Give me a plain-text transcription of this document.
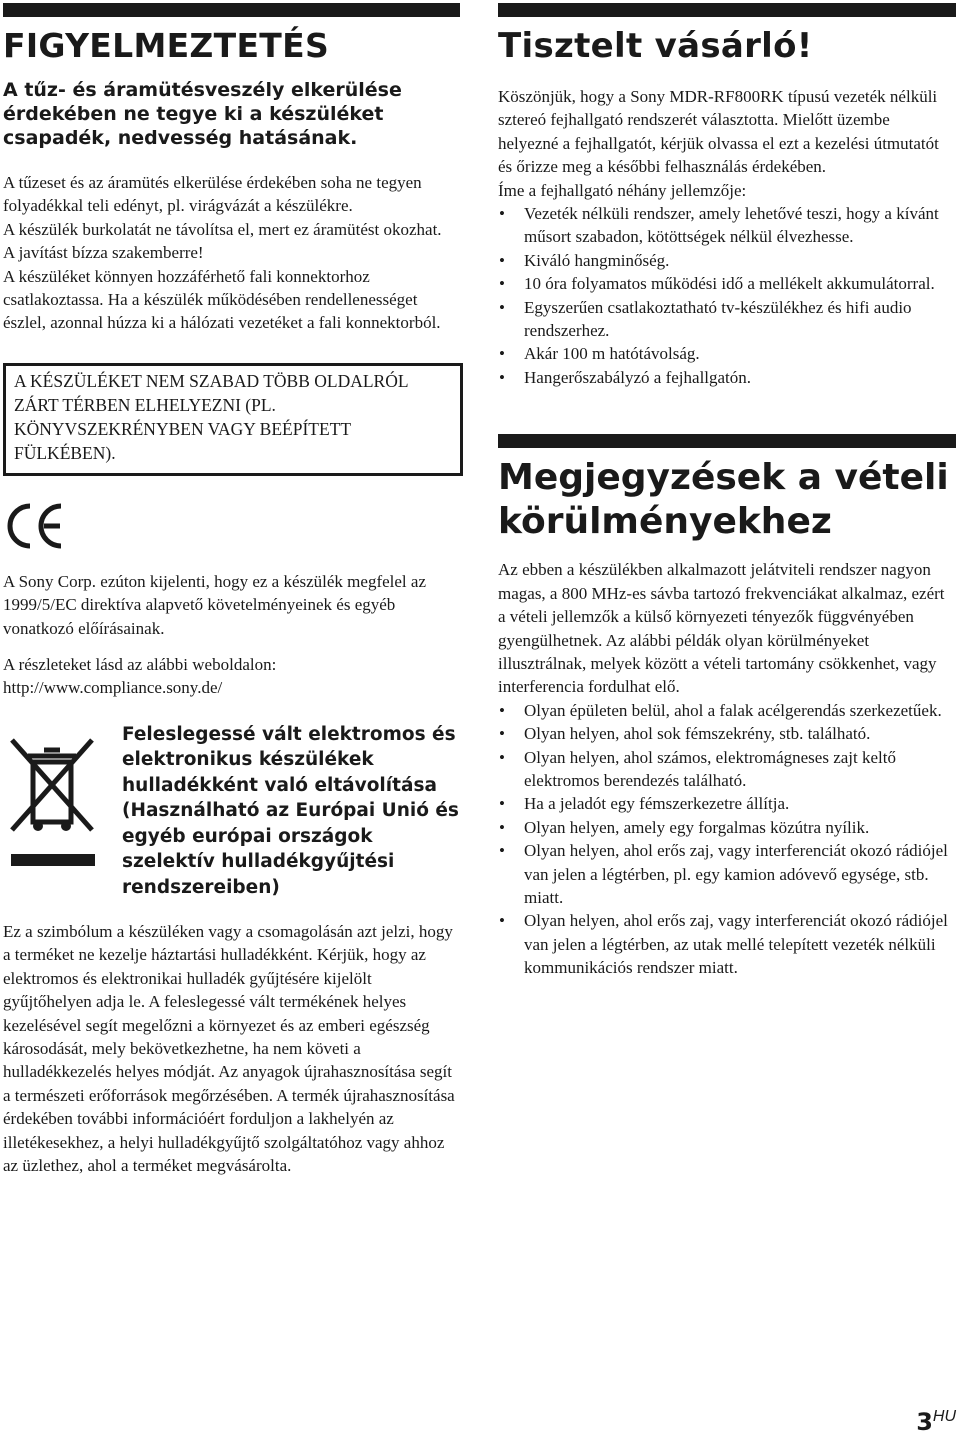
FIGYELMEZTETÉS
A tűz- és áramütésveszély elkerülése érdekében ne tegye ki a készüléket csapadék, nedvesség hatásának.
A tűzeset és az áramütés elkerülése érdekében soha ne tegyen folyadékkal teli edényt, pl. virágvázát a készülékre.
A készülék burkolatát ne távolítsa el, mert ez áramütést okozhat. A javítást bízza szakemberre!
A készüléket könnyen hozzáférhető fali konnektorhoz csatlakoztassa. Ha a készülék működésében rendellenességet észlel, azonnal húzza ki a hálózati vezetéket a fali konnektorból.
A KÉSZÜLÉKET NEM SZABAD TÖBB OLDALRÓL ZÁRT TÉRBEN ELHELYEZNI (PL. KÖNYVSZEKRÉNYBEN VAGY BEÉPÍTETT FÜLKÉBEN).
A Sony Corp. ezúton kijelenti, hogy ez a készülék megfelel az 1999/5/EC direktíva alapvető követelményeinek és egyéb vonatkozó előírásainak.
A részleteket lásd az alábbi weboldalon:
http://www.compliance.sony.de/
Feleslegessé vált elektromos és elektronikus készülékek hulladékként való eltávolítása (Használható az Európai Unió és egyéb európai országok szelektív hulladékgyűjtési rendszereiben)
Ez a szimbólum a készüléken vagy a csomagolásán azt jelzi, hogy a terméket ne kezelje háztartási hulladékként. Kérjük, hogy az elektromos és elektronikai hulladék gyűjtésére kijelölt gyűjtőhelyen adja le. A feleslegessé vált termékének helyes kezelésével segít megelőzni a környezet és az emberi egészség károsodását, mely bekövetkezhetne, ha nem követi a hulladékkezelés helyes módját. Az anyagok újrahasznosítása segít a természeti erőforrások megőrzésében. A termék újrahasznosítása érdekében további információért forduljon a lakhelyén az illetékesekhez, a helyi hulladékgyűjtő szolgáltatóhoz vagy ahhoz az üzlethez, ahol a terméket megvásárolta.
Tisztelt vásárló!
Köszönjük, hogy a Sony MDR-RF800RK típusú vezeték nélküli sztereó fejhallgató rendszerét választotta. Mielőtt üzembe helyezné a fejhallgatót, kérjük olvassa el ezt a kezelési útmutatót és őrizze meg a későbbi felhasználás érdekében.
Íme a fejhallgató néhány jellemzője:
• Vezeték nélküli rendszer, amely lehetővé teszi, hogy a kívánt műsort szabadon, kötöttségek nélkül élvezhesse.
• Kiváló hangminőség.
• 10 óra folyamatos működési idő a mellékelt akkumulátorral.
• Egyszerűen csatlakoztatható tv-készülékhez és hifi audio rendszerhez.
• Akár 100 m hatótávolság.
• Hangerőszabályzó a fejhallgatón.
Megjegyzések a vételi körülményekhez
Az ebben a készülékben alkalmazott jelátviteli rendszer nagyon magas, a 800 MHz-es sávba tartozó frekvenciákat alkalmaz, ezért a vételi jellemzők a külső környezeti tényezők függvényében gyengülhetnek. Az alábbi példák olyan körülményeket illusztrálnak, melyek között a vételi tartomány csökkenhet, vagy interferencia fordulhat elő.
• Olyan épületen belül, ahol a falak acélgerendás szerkezetűek.
• Olyan helyen, ahol sok fémszekrény, stb. található.
• Olyan helyen, ahol számos, elektromágneses zajt keltő elektromos berendezés található.
• Ha a jeladót egy fémszerkezetre állítja.
• Olyan helyen, amely egy forgalmas közútra nyílik.
• Olyan helyen, ahol erős zaj, vagy interferenciát okozó rádiójel van jelen a légtérben, pl. egy kamion adóvevő egysége, stb. miatt.
• Olyan helyen, ahol erős zaj, vagy interferenciát okozó rádiójel van jelen a légtérben, az utak mellé telepített vezeték nélküli kommunikációs rendszer miatt.
$3^{HU}$
